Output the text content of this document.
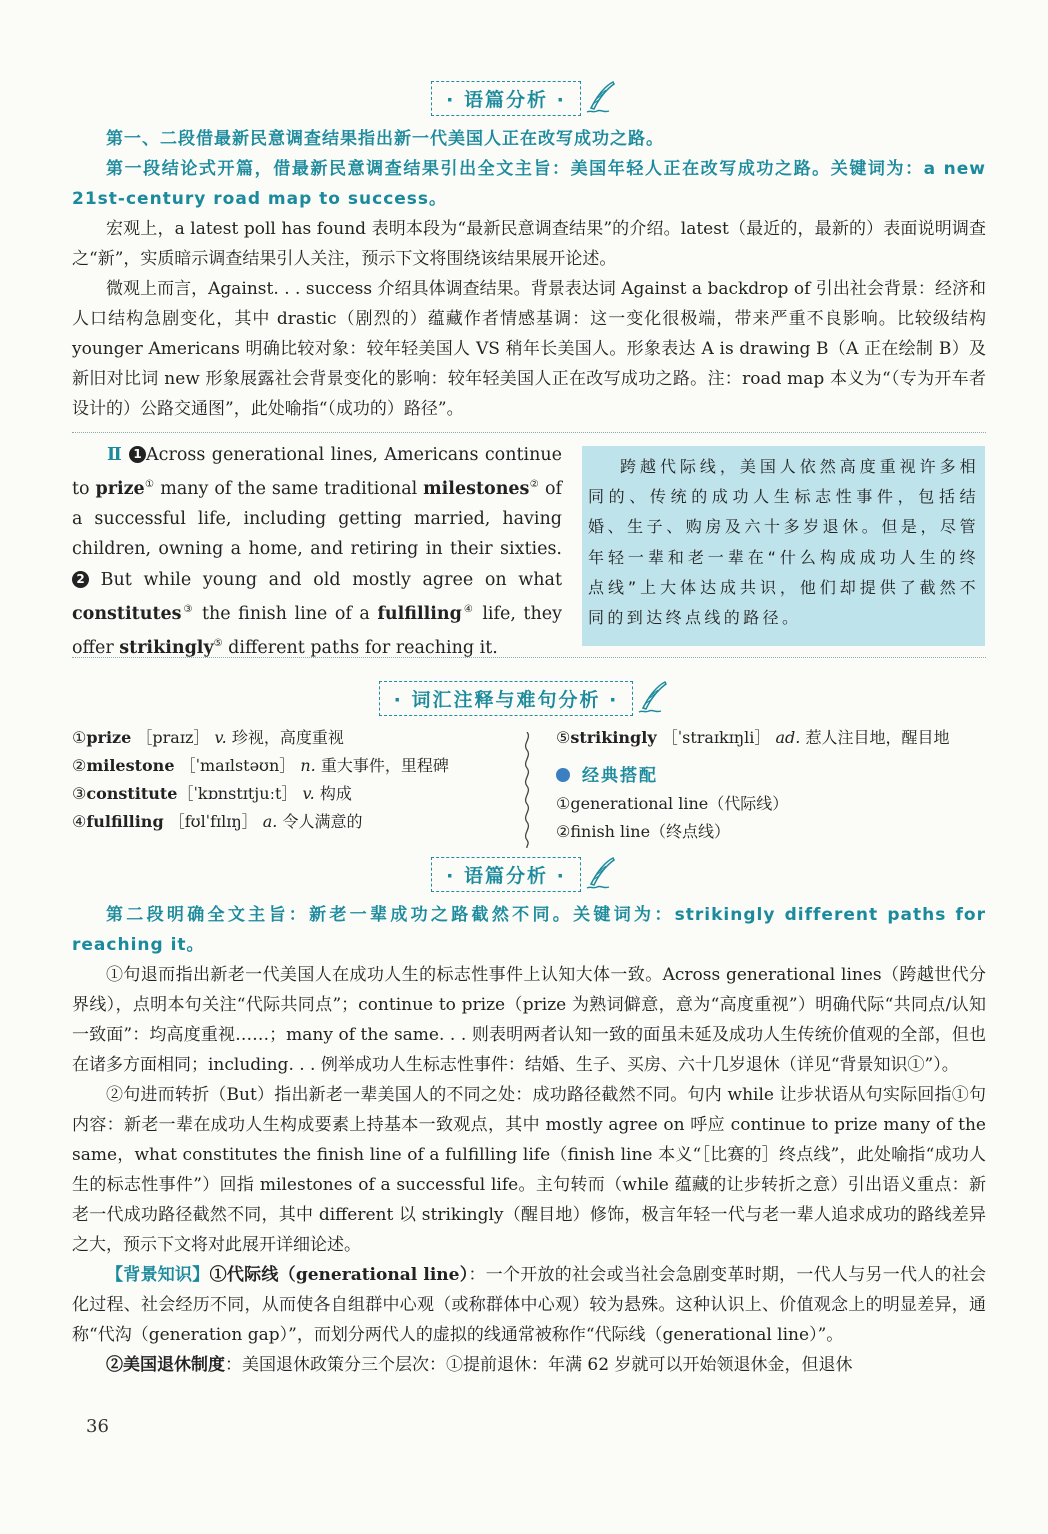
· 语篇分析 ·

第一、二段借最新民意调查结果指出新一代美国人正在改写成功之路。

第一段结论式开篇，借最新民意调查结果引出全文主旨：美国年轻人正在改写成功之路。关键词为：a new 21st-century road map to success。

宏观上，a latest poll has found 表明本段为“最新民意调查结果”的介绍。latest（最近的，最新的）表面说明调查之“新”，实质暗示调查结果引人关注，预示下文将围绕该结果展开论述。

微观上而言，Against. . . success 介绍具体调查结果。背景表达词 Against a backdrop of 引出社会背景：经济和人口结构急剧变化，其中 drastic（剧烈的）蕴藏作者情感基调：这一变化很极端，带来严重不良影响。比较级结构 younger Americans 明确比较对象：较年轻美国人 VS 稍年长美国人。形象表达 A is drawing B（A 正在绘制 B）及新旧对比词 new 形象展露社会背景变化的影响：较年轻美国人正在改写成功之路。注：road map 本义为“（专为开车者设计的）公路交通图”，此处喻指“（成功的）路径”。

Ⅱ 1 Across generational lines, Americans continue to prize① many of the same traditional milestones② of a successful life, including getting married, having children, owning a home, and retiring in their sixties. 2 But while young and old mostly agree on what constitutes③ the finish line of a fulfilling④ life, they offer strikingly⑤ different paths for reaching it.

跨越代际线，美国人依然高度重视许多相同的、传统的成功人生标志性事件，包括结婚、生子、购房及六十多岁退休。但是，尽管年轻一辈和老一辈在“什么构成成功人生的终点线”上大体达成共识，他们却提供了截然不同的到达终点线的路径。

· 词汇注释与难句分析 ·
①prize ［praɪz］ v. 珍视，高度重视
②milestone ［ˈmaɪlstəʊn］ n. 重大事件，里程碑
③constitute［ˈkɒnstɪtjuːt］ v. 构成
④fulfilling ［fʊlˈfɪlɪŋ］ a. 令人满意的
⑤strikingly ［ˈstraɪkɪŋli］ ad. 惹人注目地，醒目地
经典搭配
①generational line（代际线）
②finish line（终点线）
· 语篇分析 ·

第二段明确全文主旨：新老一辈成功之路截然不同。关键词为：strikingly different paths for reaching it。

①句退而指出新老一代美国人在成功人生的标志性事件上认知大体一致。Across generational lines（跨越世代分界线），点明本句关注“代际共同点”；continue to prize（prize 为熟词僻意，意为“高度重视”）明确代际“共同点/认知一致面”：均高度重视……；many of the same. . . 则表明两者认知一致的面虽未延及成功人生传统价值观的全部，但也在诸多方面相同；including. . . 例举成功人生标志性事件：结婚、生子、买房、六十几岁退休（详见“背景知识①”）。

②句进而转折（But）指出新老一辈美国人的不同之处：成功路径截然不同。句内 while 让步状语从句实际回指①句内容：新老一辈在成功人生构成要素上持基本一致观点，其中 mostly agree on 呼应 continue to prize many of the same，what constitutes the finish line of a fulfilling life（finish line 本义“［比赛的］终点线”，此处喻指“成功人生的标志性事件”）回指 milestones of a successful life。主句转而（while 蕴藏的让步转折之意）引出语义重点：新老一代成功路径截然不同，其中 different 以 strikingly（醒目地）修饰，极言年轻一代与老一辈人追求成功的路线差异之大，预示下文将对此展开详细论述。

【背景知识】①代际线（generational line）：一个开放的社会或当社会急剧变革时期，一代人与另一代人的社会化过程、社会经历不同，从而使各自组群中心观（或称群体中心观）较为悬殊。这种认识上、价值观念上的明显差异，通称“代沟（generation gap）”，而划分两代人的虚拟的线通常被称作“代际线（generational line）”。

②美国退休制度：美国退休政策分三个层次：①提前退休：年满 62 岁就可以开始领退休金，但退休

36
